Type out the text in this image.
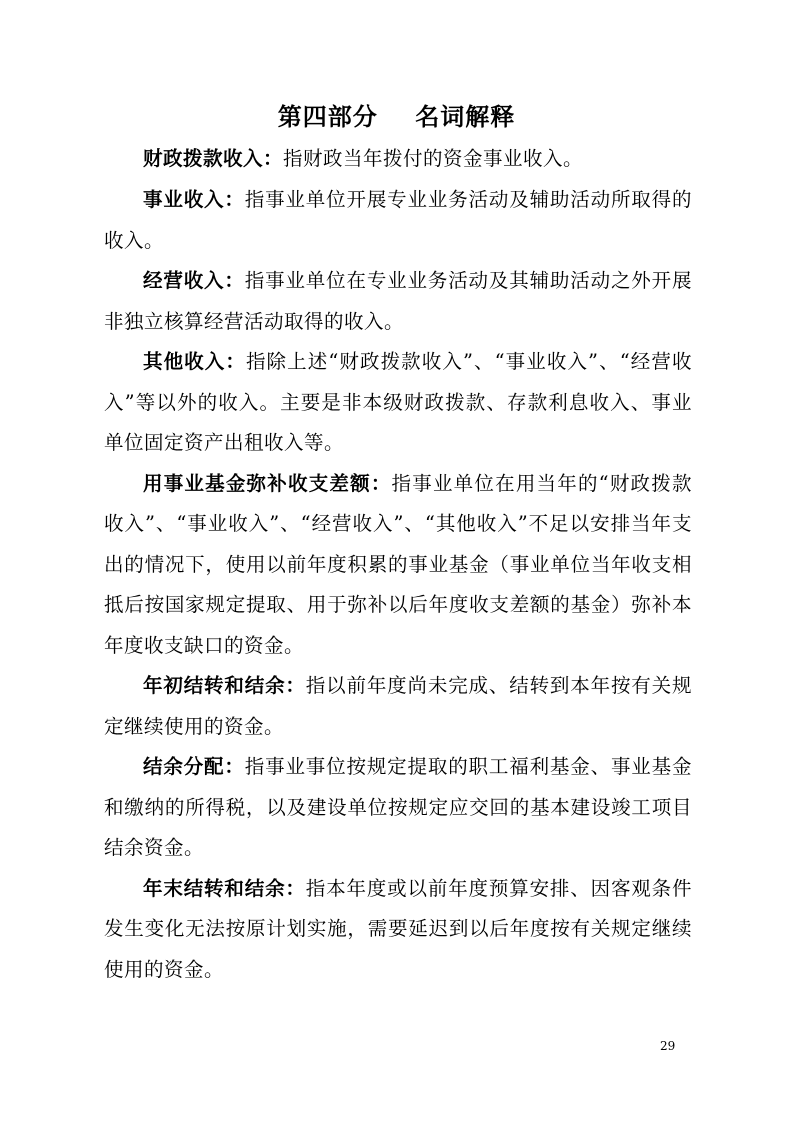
第四部分    名词解释

财政拨款收入：指财政当年拨付的资金事业收入。

事业收入：指事业单位开展专业业务活动及辅助活动所取得的收入。

经营收入：指事业单位在专业业务活动及其辅助活动之外开展非独立核算经营活动取得的收入。

其他收入：指除上述“财政拨款收入”、“事业收入”、“经营收入”等以外的收入。主要是非本级财政拨款、存款利息收入、事业单位固定资产出租收入等。

用事业基金弥补收支差额：指事业单位在用当年的“财政拨款收入”、“事业收入”、“经营收入”、“其他收入”不足以安排当年支出的情况下，使用以前年度积累的事业基金（事业单位当年收支相抵后按国家规定提取、用于弥补以后年度收支差额的基金）弥补本年度收支缺口的资金。

年初结转和结余：指以前年度尚未完成、结转到本年按有关规定继续使用的资金。

结余分配：指事业事位按规定提取的职工福利基金、事业基金和缴纳的所得税，以及建设单位按规定应交回的基本建设竣工项目结余资金。

年末结转和结余：指本年度或以前年度预算安排、因客观条件发生变化无法按原计划实施，需要延迟到以后年度按有关规定继续使用的资金。

29
